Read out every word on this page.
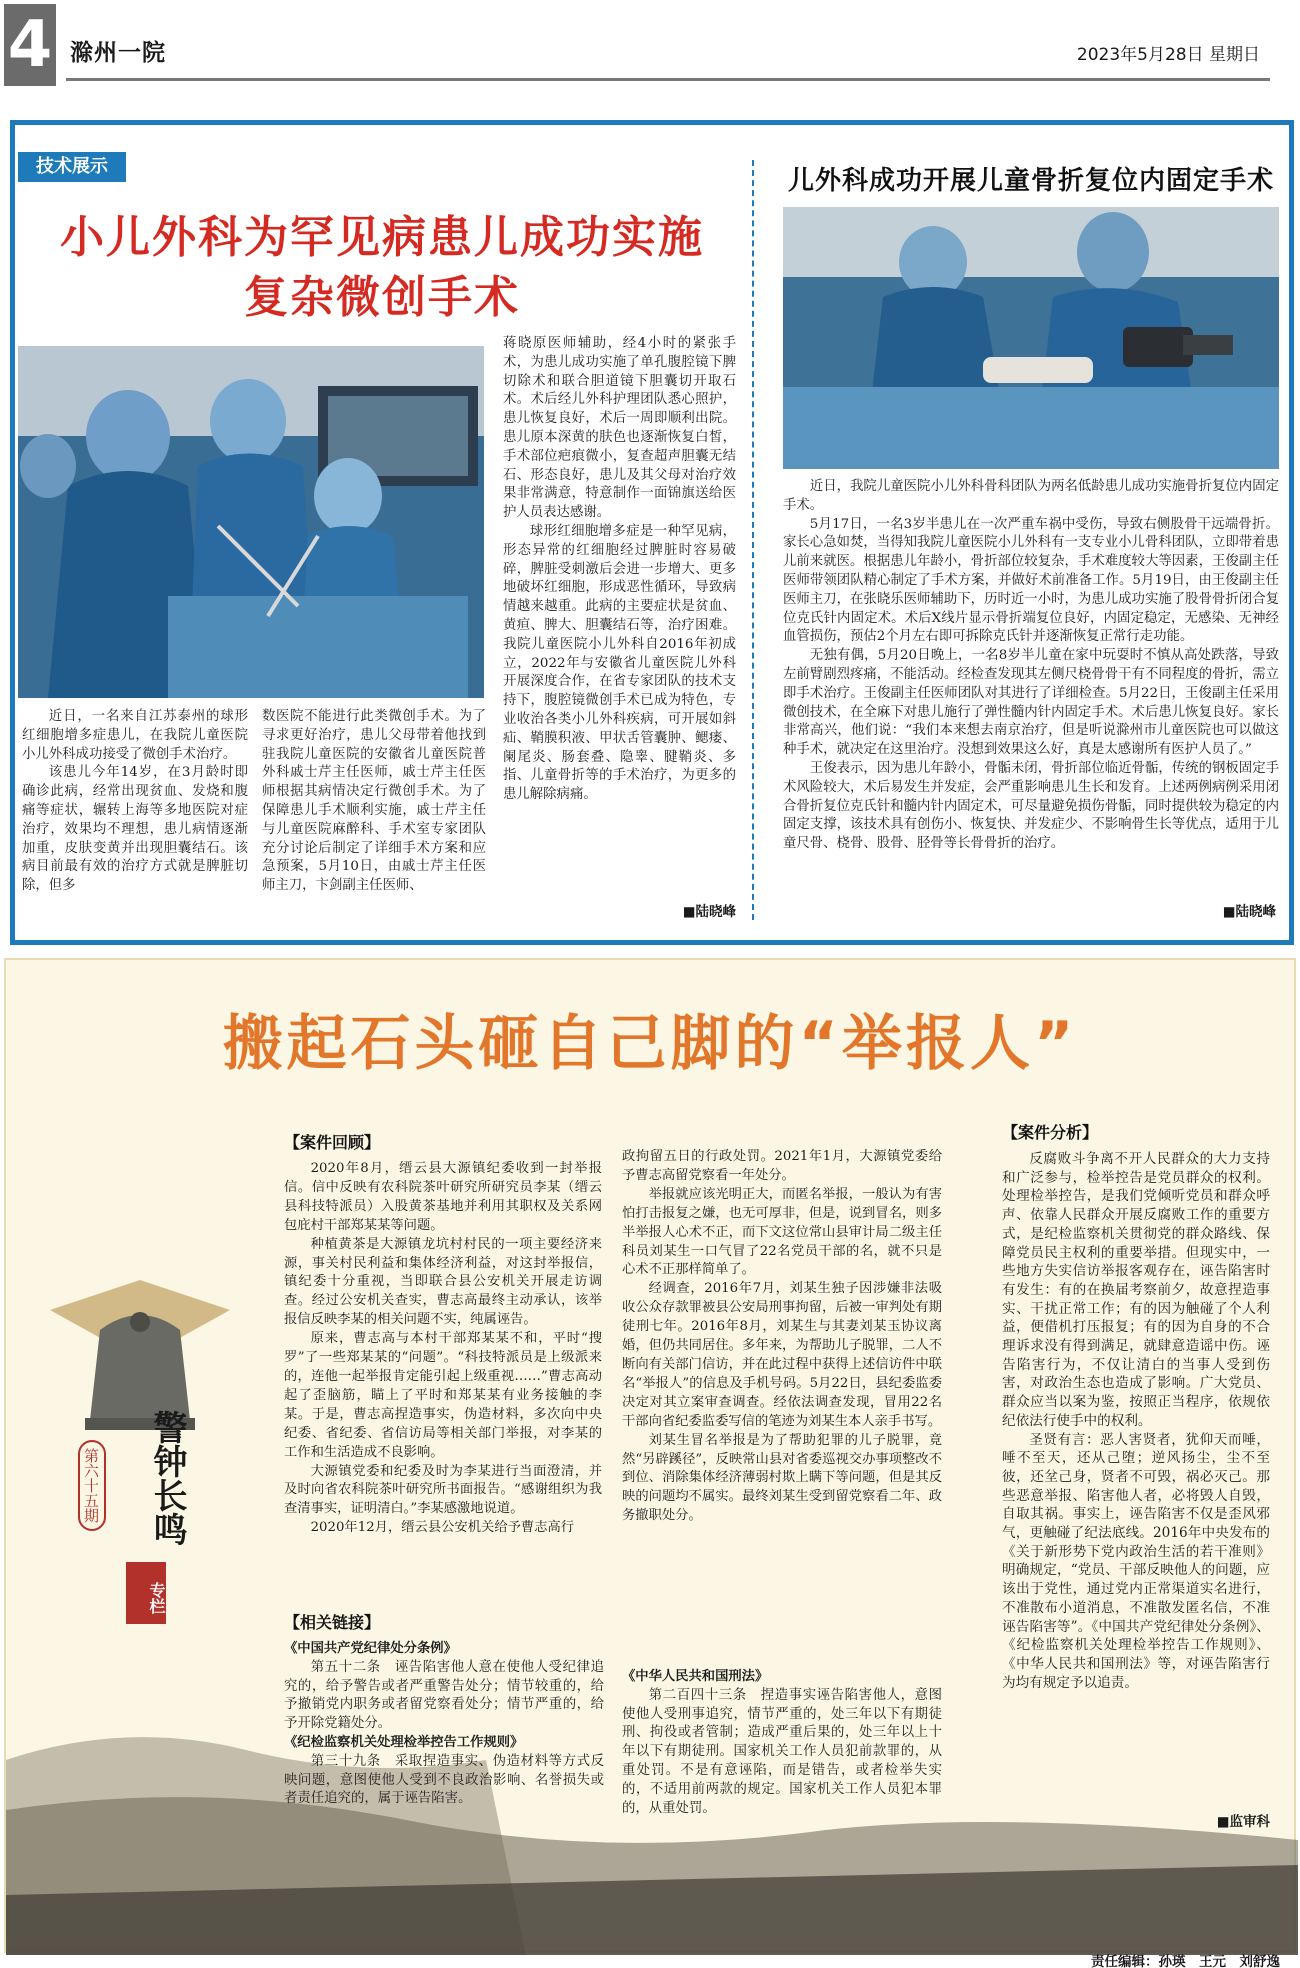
4 滁州一院	2023年5月28日 星期日
技术展示
小儿外科为罕见病患儿成功实施
复杂微创手术

近日，一名来自江苏泰州的球形红细胞增多症患儿，在我院儿童医院小儿外科成功接受了微创手术治疗。

该患儿今年14岁，在3月龄时即确诊此病，经常出现贫血、发烧和腹痛等症状，辗转上海等多地医院对症治疗，效果均不理想，患儿病情逐渐加重，皮肤变黄并出现胆囊结石。该病目前最有效的治疗方式就是脾脏切除，但多

数医院不能进行此类微创手术。为了寻求更好治疗，患儿父母带着他找到驻我院儿童医院的安徽省儿童医院普外科戚士芹主任医师，戚士芹主任医师根据其病情决定行微创手术。为了保障患儿手术顺利实施，戚士芹主任与儿童医院麻醉科、手术室专家团队充分讨论后制定了详细手术方案和应急预案，5月10日，由戚士芹主任医师主刀，卞剑副主任医师、

蒋晓原医师辅助，经4小时的紧张手术，为患儿成功实施了单孔腹腔镜下脾切除术和联合胆道镜下胆囊切开取石术。术后经儿外科护理团队悉心照护，患儿恢复良好，术后一周即顺利出院。患儿原本深黄的肤色也逐渐恢复白皙，手术部位疤痕微小，复查超声胆囊无结石、形态良好，患儿及其父母对治疗效果非常满意，特意制作一面锦旗送给医护人员表达感谢。

球形红细胞增多症是一种罕见病，形态异常的红细胞经过脾脏时容易破碎，脾脏受刺激后会进一步增大、更多地破坏红细胞，形成恶性循环，导致病情越来越重。此病的主要症状是贫血、黄疸、脾大、胆囊结石等，治疗困难。我院儿童医院小儿外科自2016年初成立，2022年与安徽省儿童医院儿外科开展深度合作，在省专家团队的技术支持下，腹腔镜微创手术已成为特色，专业收治各类小儿外科疾病，可开展如斜疝、鞘膜积液、甲状舌管囊肿、鳃瘘、阑尾炎、肠套叠、隐睾、腱鞘炎、多指、儿童骨折等的手术治疗，为更多的患儿解除病痛。

■陆晓峰
儿外科成功开展儿童骨折复位内固定手术

近日，我院儿童医院小儿外科骨科团队为两名低龄患儿成功实施骨折复位内固定手术。

5月17日，一名3岁半患儿在一次严重车祸中受伤，导致右侧股骨干远端骨折。家长心急如焚，当得知我院儿童医院小儿外科有一支专业小儿骨科团队，立即带着患儿前来就医。根据患儿年龄小，骨折部位较复杂，手术难度较大等因素，王俊副主任医师带领团队精心制定了手术方案，并做好术前准备工作。5月19日，由王俊副主任医师主刀，在张晓乐医师辅助下，历时近一小时，为患儿成功实施了股骨骨折闭合复位克氏针内固定术。术后X线片显示骨折端复位良好，内固定稳定，无感染、无神经血管损伤，预估2个月左右即可拆除克氏针并逐渐恢复正常行走功能。

无独有偶，5月20日晚上，一名8岁半儿童在家中玩耍时不慎从高处跌落，导致左前臂剧烈疼痛，不能活动。经检查发现其左侧尺桡骨骨干有不同程度的骨折，需立即手术治疗。王俊副主任医师团队对其进行了详细检查。5月22日，王俊副主任采用微创技术，在全麻下对患儿施行了弹性髓内针内固定手术。术后患儿恢复良好。家长非常高兴，他们说：“我们本来想去南京治疗，但是听说滁州市儿童医院也可以做这种手术，就决定在这里治疗。没想到效果这么好，真是太感谢所有医护人员了。”

王俊表示，因为患儿年龄小，骨骺未闭，骨折部位临近骨骺，传统的钢板固定手术风险较大，术后易发生并发症，会严重影响患儿生长和发育。上述两例病例采用闭合骨折复位克氏针和髓内针内固定术，可尽量避免损伤骨骺，同时提供较为稳定的内固定支撑，该技术具有创伤小、恢复快、并发症少、不影响骨生长等优点，适用于儿童尺骨、桡骨、股骨、胫骨等长骨骨折的治疗。

■陆晓峰
搬起石头砸自己脚的“举报人”
第六十五期	警钟长鸣
专栏
【案件回顾】

2020年8月，缙云县大源镇纪委收到一封举报信。信中反映有农科院茶叶研究所研究员李某（缙云县科技特派员）入股黄茶基地并利用其职权及关系网包庇村干部郑某某等问题。

种植黄茶是大源镇龙坑村村民的一项主要经济来源，事关村民利益和集体经济利益，对这封举报信，镇纪委十分重视，当即联合县公安机关开展走访调查。经过公安机关查实，曹志高最终主动承认，该举报信反映李某的相关问题不实，纯属诬告。

原来，曹志高与本村干部郑某某不和，平时“搜罗”了一些郑某某的“问题”。“科技特派员是上级派来的，连他一起举报肯定能引起上级重视……”曹志高动起了歪脑筋，瞄上了平时和郑某某有业务接触的李某。于是，曹志高捏造事实，伪造材料，多次向中央纪委、省纪委、省信访局等相关部门举报，对李某的工作和生活造成不良影响。

大源镇党委和纪委及时为李某进行当面澄清，并及时向省农科院茶叶研究所书面报告。“感谢组织为我查清事实，证明清白。”李某感激地说道。

2020年12月，缙云县公安机关给予曹志高行

政拘留五日的行政处罚。2021年1月，大源镇党委给予曹志高留党察看一年处分。

举报就应该光明正大，而匿名举报，一般认为有害怕打击报复之嫌，也无可厚非，但是，说到冒名，则多半举报人心术不正，而下文这位常山县审计局二级主任科员刘某生一口气冒了22名党员干部的名，就不只是心术不正那样简单了。

经调查，2016年7月，刘某生独子因涉嫌非法吸收公众存款罪被县公安局刑事拘留，后被一审判处有期徒刑七年。2016年8月，刘某生与其妻刘某玉协议离婚，但仍共同居住。多年来，为帮助儿子脱罪，二人不断向有关部门信访，并在此过程中获得上述信访件中联名“举报人”的信息及手机号码。5月22日，县纪委监委决定对其立案审查调查。经依法调查发现，冒用22名干部向省纪委监委写信的笔迹为刘某生本人亲手书写。

刘某生冒名举报是为了帮助犯罪的儿子脱罪，竟然“另辟蹊径”，反映常山县对省委巡视交办事项整改不到位、消除集体经济薄弱村欺上瞒下等问题，但是其反映的问题均不属实。最终刘某生受到留党察看二年、政务撤职处分。

【案件分析】

反腐败斗争离不开人民群众的大力支持和广泛参与，检举控告是党员群众的权利。处理检举控告，是我们党倾听党员和群众呼声、依靠人民群众开展反腐败工作的重要方式，是纪检监察机关贯彻党的群众路线、保障党员民主权利的重要举措。但现实中，一些地方失实信访举报客观存在，诬告陷害时有发生：有的在换届考察前夕，故意捏造事实、干扰正常工作；有的因为触碰了个人利益，便借机打压报复；有的因为自身的不合理诉求没有得到满足，就肆意造谣中伤。诬告陷害行为，不仅让清白的当事人受到伤害，对政治生态也造成了影响。广大党员、群众应当以案为鉴，按照正当程序，依规依纪依法行使手中的权利。

圣贤有言：恶人害贤者，犹仰天而唾，唾不至天，还从己堕；逆风扬尘，尘不至彼，还坌己身，贤者不可毁，祸必灭己。那些恶意举报、陷害他人者，必将毁人自毁，自取其祸。事实上，诬告陷害不仅是歪风邪气，更触碰了纪法底线。2016年中央发布的《关于新形势下党内政治生活的若干准则》明确规定，“党员、干部反映他人的问题，应该出于党性，通过党内正常渠道实名进行，不准散布小道消息，不准散发匿名信，不准诬告陷害等”。《中国共产党纪律处分条例》、《纪检监察机关处理检举控告工作规则》、《中华人民共和国刑法》等，对诬告陷害行为均有规定予以追责。

■监审科
【相关链接】
《中国共产党纪律处分条例》

第五十二条　诬告陷害他人意在使他人受纪律追究的，给予警告或者严重警告处分；情节较重的，给予撤销党内职务或者留党察看处分；情节严重的，给予开除党籍处分。

《纪检监察机关处理检举控告工作规则》

第三十九条　采取捏造事实、伪造材料等方式反映问题，意图使他人受到不良政治影响、名誉损失或者责任追究的，属于诬告陷害。

《中华人民共和国刑法》

第二百四十三条　捏造事实诬告陷害他人，意图使他人受刑事追究，情节严重的，处三年以下有期徒刑、拘役或者管制；造成严重后果的，处三年以上十年以下有期徒刑。国家机关工作人员犯前款罪的，从重处罚。不是有意诬陷，而是错告，或者检举失实的，不适用前两款的规定。国家机关工作人员犯本罪的，从重处罚。

责任编辑：孙瑛　王元　刘舒逸
